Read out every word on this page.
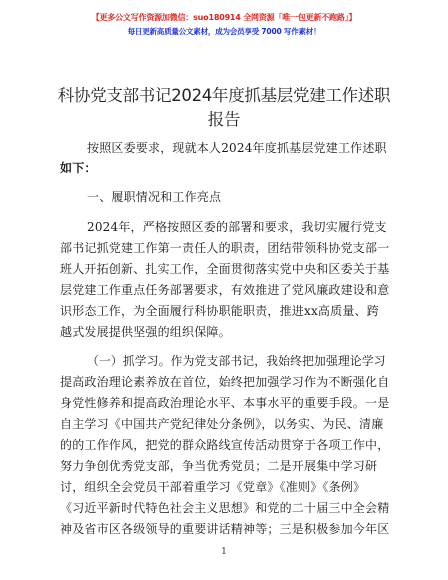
【更多公文写作资源加微信：suo180914 全网资源「唯一包更新不跑路」】
每日更新高质量公文素材，成为会员享受 7000 写作素材！
科协党支部书记2024年度抓基层党建工作述职
报告
按照区委要求，现就本人2024年度抓基层党建工作述职
如下：
一、履职情况和工作亮点
2024年，严格按照区委的部署和要求，我切实履行党支
部书记抓党建工作第一责任人的职责，团结带领科协党支部一
班人开拓创新、扎实工作，全面贯彻落实党中央和区委关于基
层党建工作重点任务部署要求，有效推进了党风廉政建设和意
识形态工作，为全面履行科协职能职责，推进xx高质量、跨
越式发展提供坚强的组织保障。
（一）抓学习。作为党支部书记，我始终把加强理论学习
提高政治理论素养放在首位，始终把加强学习作为不断强化自
身党性修养和提高政治理论水平、本事水平的重要手段。一是
自主学习《中国共产党纪律处分条例》，以务实、为民、清廉
的的工作作风，把党的群众路线宣传活动贯穿于各项工作中，
努力争创优秀党支部，争当优秀党员；二是开展集中学习研
讨，组织全会党员干部着重学习《党章》《准则》《条例》
《习近平新时代特色社会主义思想》和党的二十届三中全会精
神及省市区各级领导的重要讲话精神等；三是积极参加今年区
1
